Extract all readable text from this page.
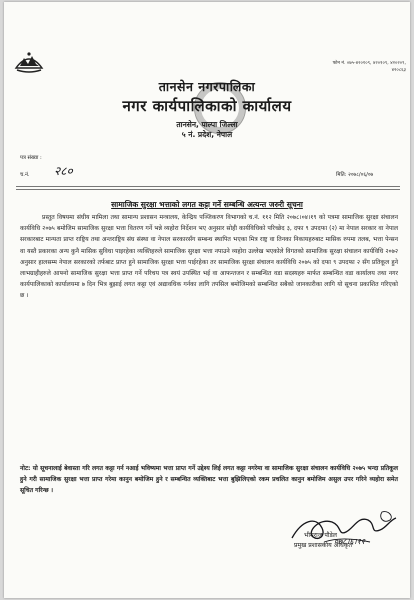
फोन नं. ०७५-४२०१०९, ४२०१०९, ४२०२०९,
४२०८६३
तानसेन नगरपालिका
नगर कार्यपालिकाको कार्यालय
तानसेन, पाल्पा जिल्ला
५ नं. प्रदेश, नेपाल
पत्र संख्या :
च.नं. २८०	मिति: २०७८/०६/०७
सामाजिक सुरक्षा भत्ताको लगत कट्टा गर्ने सम्बन्धि अत्यन्त जरुरी सूचना
प्रस्तुत विषयमा संघीय मामिला तथा सामान्य प्रशासन मन्त्रालय, केन्द्रिय पञ्जिकरण विभागको च.नं. ११२ मिति २०७८।०४।१९ को पत्रमा सामाजिक सुरक्षा संचालन कार्यविधि २०७५ बमोजिम सामाजिक सुरक्षा भत्ता वितरण गर्ने भन्ने व्यहोरा निर्देशन भए अनुसार सोही कार्यविधिको परिच्छेद ३, दफा ९ उपदफा (२) मा नेपाल सरकार वा नेपाल सरकारबाट मान्यता प्राप्त राष्ट्रिय तथा अन्तराष्ट्रिय संघ संस्था वा नेपाल सरकारसँग सम्बन्ध स्थापित भएका मित्र राष्ट्र वा तिनका निकायहरुबाट मासिक रुपमा तलब, भत्ता पेन्सन वा यस्तै प्रकारका अन्य कुनै मासिक सुविधा पाइरहेका व्यक्तिहरुले सामाजिक सुरक्षा भत्ता नपाउने व्यहोरा उल्लेख भएकोले विगतको सामाजिक सुरक्षा संचालन कार्यविधि २०७२ अनुसार हालसम्म नेपाल सरकारको तर्फबाट प्राप्त हुने सामाजिक सुरक्षा भत्ता पाईरहेका तर सामाजिक सुरक्षा संचालन कार्यविधि २०७५ को दफा ९ उपदफा २ सँग प्रतिकूल हुने लाभग्राहीहरुले आफ्नो सामाजिक सुरक्षा भत्ता प्राप्त गर्ने परिचय पत्र स्वयं उपस्थित भई वा आफन्तजन र सम्बन्धित वडा सदस्यहरु मार्फत सम्बन्धित वडा कार्यालय तथा नगर कार्यपालिकाको कार्यालयमा ७ दिन भित्र बुझाई लगत कट्टा एवं अद्यावधिक गर्नका लागि तपसिल बमोजिमको सम्बन्धित सबैको जानकारीका लागि यो सूचना प्रकाशित गरिएको छ ।
नोट: यो सूचनालाई बेवास्ता गरि लगत कट्टा गर्न नआई भविष्यमा भत्ता प्राप्त गर्ने उद्देश्य लिई लगत कट्टा नगरेमा वा सामाजिक सुरक्षा संचालन कार्यविधि २०७५ भन्दा प्रतिकूल हुने गरी सामाजिक सुरक्षा भत्ता प्राप्त गरेमा कानुन बमोजिम हुने र सम्बन्धित व्यक्तिबाट भत्ता बुझिलिएको रकम प्रचलित कानुन बमोजिम असुल उपर गरिने व्यहोरा समेत सूचित गरिन्छ ।
०७८।६।१२
भीमराज पौडेल
प्रमुख प्रशासकीय अधिकृत
